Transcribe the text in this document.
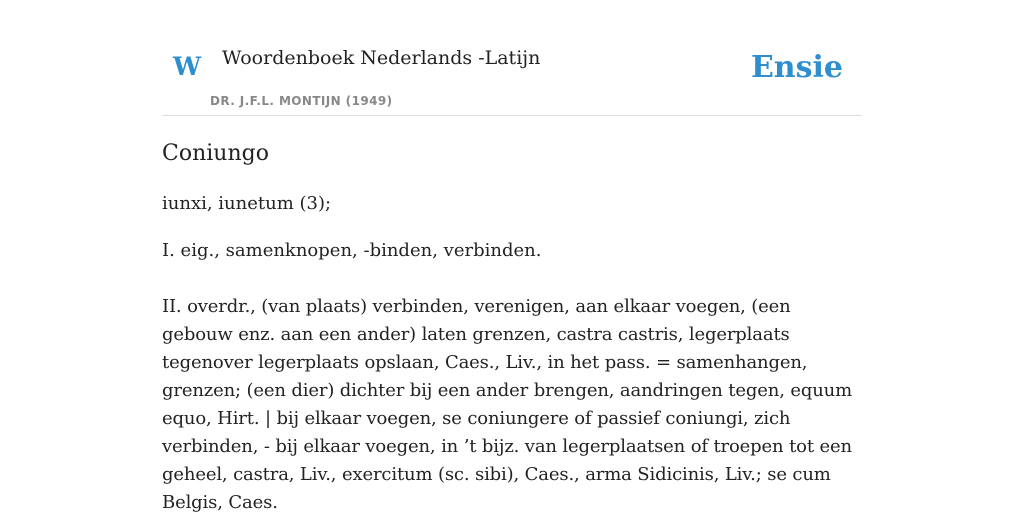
W Woordenboek Nederlands -Latijn
DR. J.F.L. MONTIJN (1949)
Ensie
Coniungo

iunxi, iunetum (3);

I. eig., samenknopen, -binden, verbinden.

II. overdr., (van plaats) verbinden, verenigen, aan elkaar voegen, (een gebouw enz. aan een ander) laten grenzen, castra castris, legerplaats tegenover legerplaats opslaan, Caes., Liv., in het pass. = samenhangen, grenzen; (een dier) dichter bij een ander brengen, aandringen tegen, equum equo, Hirt. | bij elkaar voegen, se coniungere of passief coniungi, zich verbinden, - bij elkaar voegen, in ’t bijz. van legerplaatsen of troepen tot een geheel, castra, Liv., exercitum (sc. sibi), Caes., arma Sidicinis, Liv.; se cum Belgis, Caes.
